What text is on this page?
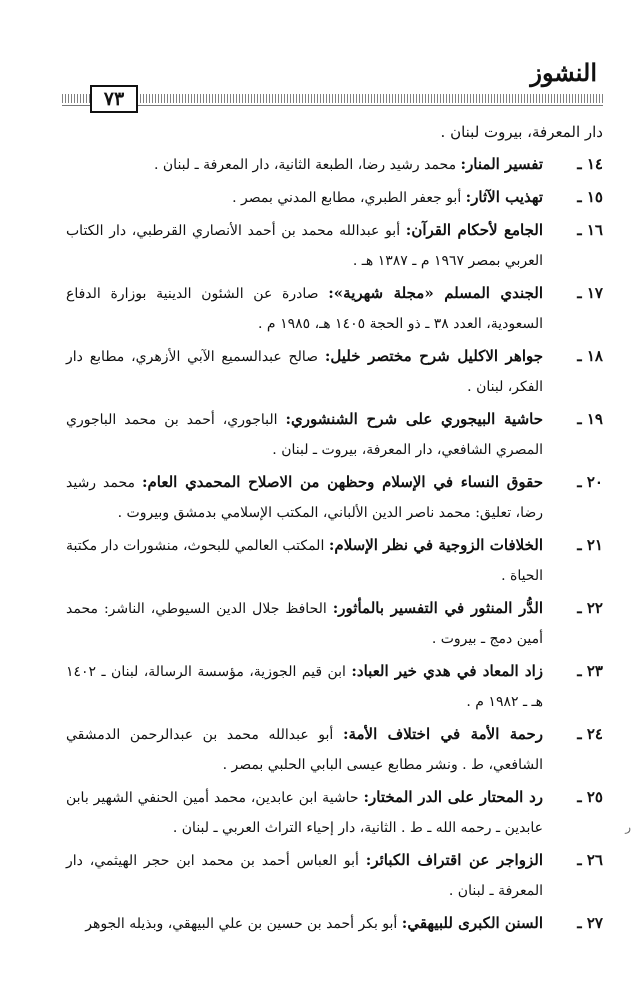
النشوز
٧٣
دار المعرفة، بيروت لبنان .
١٤ ـ
تفسير المنار: محمد رشيد رضا، الطبعة الثانية، دار المعرفة ـ لبنان .
١٥ ـ
تهذيب الآثار: أبو جعفر الطبري، مطابع المدني بمصر .
١٦ ـ
الجامع لأحكام القرآن: أبو عبدالله محمد بن أحمد الأنصاري القرطبي، دار الكتاب العربي بمصر ١٩٦٧ م ـ ١٣٨٧ هـ .
١٧ ـ
الجندي المسلم «مجلة شهرية»: صادرة عن الشئون الدينية بوزارة الدفاع السعودية، العدد ٣٨ ـ ذو الحجة ١٤٠٥ هـ، ١٩٨٥ م .
١٨ ـ
جواهر الاكليل شرح مختصر خليل: صالح عبدالسميع الآبي الأزهري، مطابع دار الفكر، لبنان .
١٩ ـ
حاشية البيجوري على شرح الشنشوري: الباجوري، أحمد بن محمد الباجوري المصري الشافعي، دار المعرفة، بيروت ـ لبنان .
٢٠ ـ
حقوق النساء في الإسلام وحظهن من الاصلاح المحمدي العام: محمد رشيد رضا، تعليق: محمد ناصر الدين الألباني، المكتب الإسلامي بدمشق وبيروت .
٢١ ـ
الخلافات الزوجية في نظر الإسلام: المكتب العالمي للبحوث، منشورات دار مكتبة الحياة .
٢٢ ـ
الدُّر المنثور في التفسير بالمأثور: الحافظ جلال الدين السيوطي، الناشر: محمد أمين دمج ـ بيروت .
٢٣ ـ
زاد المعاد في هدي خير العباد: ابن قيم الجوزية، مؤسسة الرسالة، لبنان ـ ١٤٠٢ هـ ـ ١٩٨٢ م .
٢٤ ـ
رحمة الأمة في اختلاف الأمة: أبو عبدالله محمد بن عبدالرحمن الدمشقي الشافعي، ط . ونشر مطابع عيسى البابي الحلبي بمصر .
٢٥ ـ
رد المحتار على الدر المختار: حاشية ابن عابدين، محمد أمين الحنفي الشهير بابن عابدين ـ رحمه الله ـ ط . الثانية، دار إحياء التراث العربي ـ لبنان .
٢٦ ـ
الزواجر عن اقتراف الكبائر: أبو العباس أحمد بن محمد ابن حجر الهيثمي، دار المعرفة ـ لبنان .
٢٧ ـ
السنن الكبرى للبيهقي: أبو بكر أحمد بن حسين بن علي البيهقي، وبذيله الجوهر
ﺭ
